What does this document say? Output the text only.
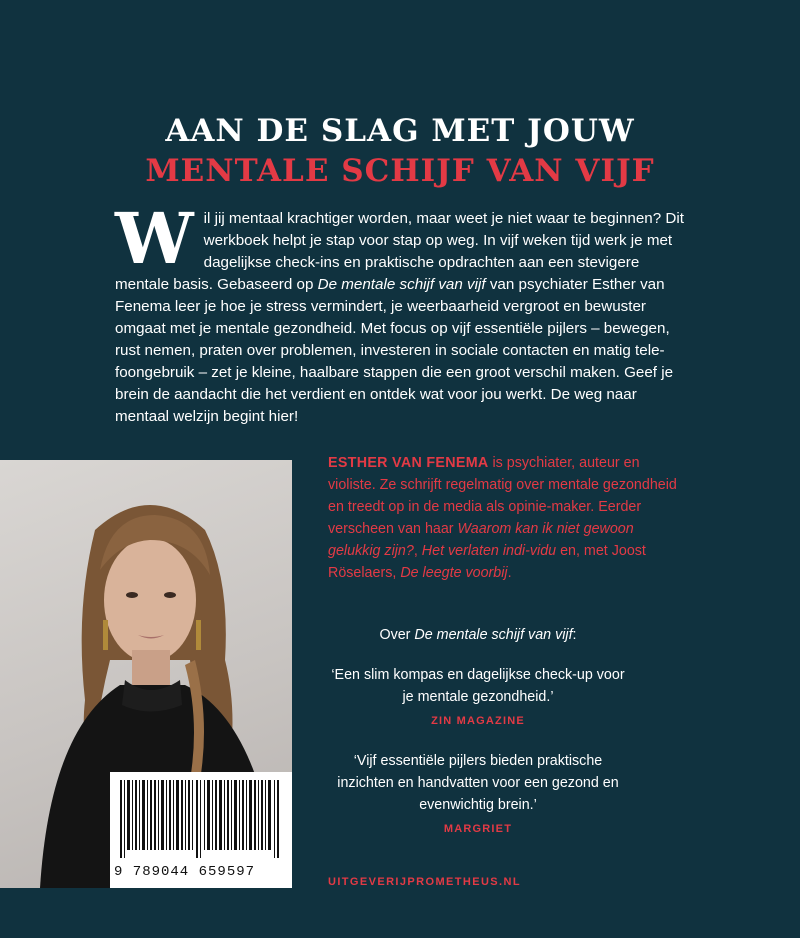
AAN DE SLAG MET JOUW
MENTALE SCHIJF VAN VIJF
W il jij mentaal krachtiger worden, maar weet je niet waar te beginnen? Dit werkboek helpt je stap voor stap op weg. In vijf weken tijd werk je met dagelijkse check-ins en praktische opdrachten aan een stevigere mentale basis. Gebaseerd op De mentale schijf van vijf van psychiater Esther van Fenema leer je hoe je stress vermindert, je weerbaarheid vergroot en bewuster omgaat met je mentale gezondheid. Met focus op vijf essentiële pijlers – bewegen, rust nemen, praten over problemen, investeren in sociale contacten en matig tele-foongebruik – zet je kleine, haalbare stappen die een groot verschil maken. Geef je brein de aandacht die het verdient en ontdek wat voor jou werkt. De weg naar mentaal welzijn begint hier!
9 789044 659597
ESTHER VAN FENEMA is psychiater, auteur en violiste. Ze schrijft regelmatig over mentale gezondheid en treedt op in de media als opinie-maker. Eerder verscheen van haar Waarom kan ik niet gewoon gelukkig zijn?, Het verlaten indi-vidu en, met Joost Röselaers, De leegte voorbij.
Over De mentale schijf van vijf:
‘Een slim kompas en dagelijkse check-up voor je mentale gezondheid.’
ZIN MAGAZINE
‘Vijf essentiële pijlers bieden praktische inzichten en handvatten voor een gezond en evenwichtig brein.’
MARGRIET
UITGEVERIJPROMETHEUS.NL
